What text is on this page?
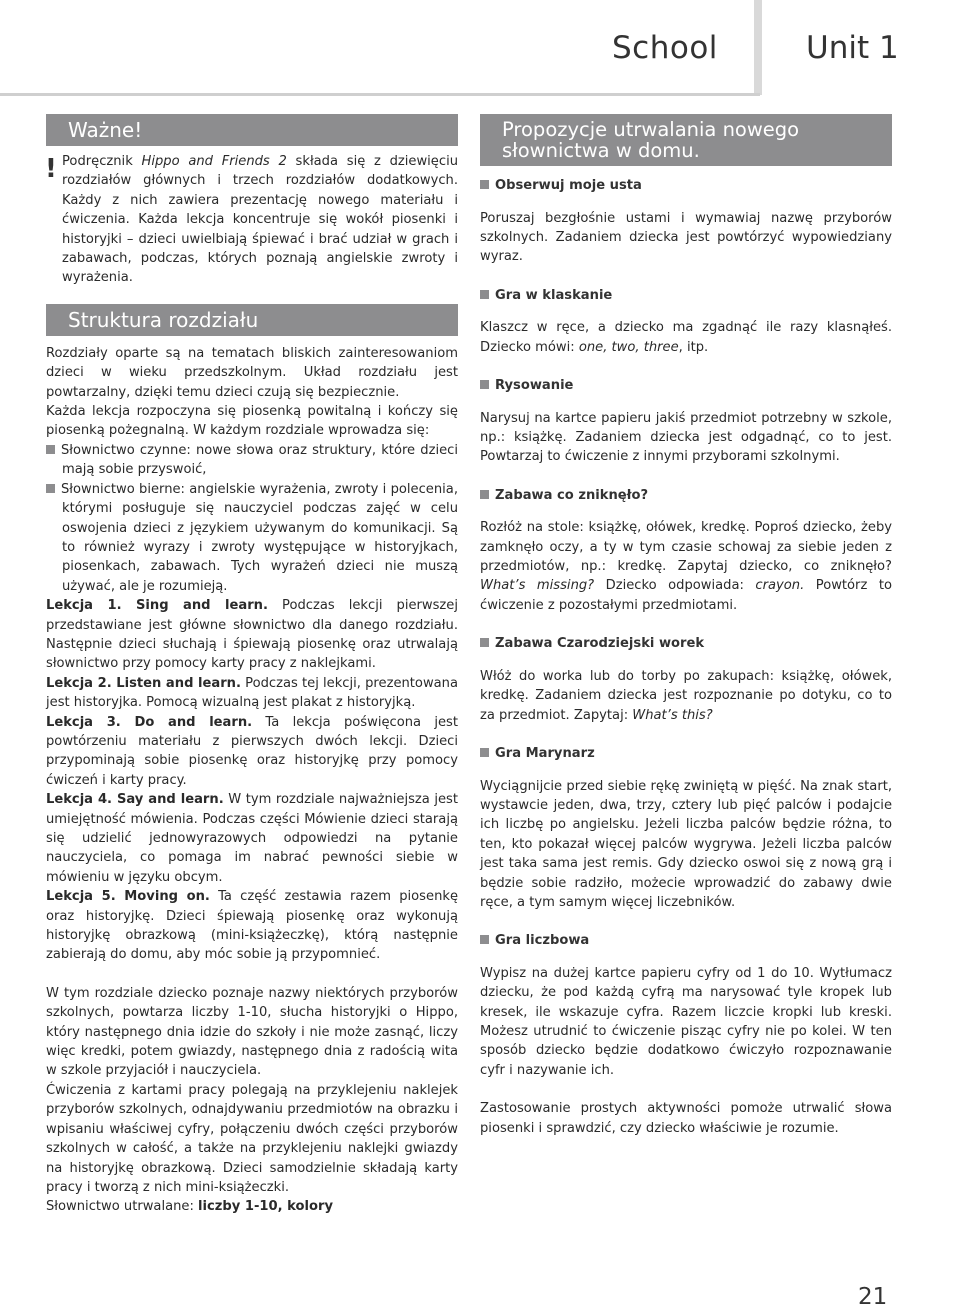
School	Unit 1
Ważne!
! Podręcznik Hippo and Friends 2 składa się z dziewięciu rozdziałów głównych i trzech rozdziałów dodatkowych. Każdy z nich zawiera prezentację nowego materiału i ćwiczenia. Każda lekcja koncentruje się wokół piosenki i historyjki – dzieci uwielbiają śpiewać i brać udział w grach i zabawach, podczas, których poznają angielskie zwroty i wyrażenia.

Struktura rozdziału

Rozdziały oparte są na tematach bliskich zainteresowaniom dzieci w wieku przedszkolnym. Układ rozdziału jest powtarzalny, dzięki temu dzieci czują się bezpiecznie.

Każda lekcja rozpoczyna się piosenką powitalną i kończy się piosenką pożegnalną. W każdym rozdziale wprowadza się:

Słownictwo czynne: nowe słowa oraz struktury, które dzieci mają sobie przyswoić,

Słownictwo bierne: angielskie wyrażenia, zwroty i polecenia, którymi posługuje się nauczyciel podczas zajęć w celu oswojenia dzieci z językiem używanym do komunikacji. Są to również wyrazy i zwroty występujące w historyjkach, piosenkach, zabawach. Tych wyrażeń dzieci nie muszą używać, ale je rozumieją.

Lekcja 1. Sing and learn. Podczas lekcji pierwszej przedstawiane jest główne słownictwo dla danego rozdziału. Następnie dzieci słuchają i śpiewają piosenkę oraz utrwalają słownictwo przy pomocy karty pracy z naklejkami.

Lekcja 2. Listen and learn. Podczas tej lekcji, prezentowana jest historyjka. Pomocą wizualną jest plakat z historyjką.

Lekcja 3. Do and learn. Ta lekcja poświęcona jest powtórzeniu materiału z pierwszych dwóch lekcji. Dzieci przypominają sobie piosenkę oraz historyjkę przy pomocy ćwiczeń i karty pracy.

Lekcja 4. Say and learn. W tym rozdziale najważniejsza jest umiejętność mówienia. Podczas części Mówienie dzieci starają się udzielić jednowyrazowych odpowiedzi na pytanie nauczyciela, co pomaga im nabrać pewności siebie w mówieniu w języku obcym.

Lekcja 5. Moving on. Ta część zestawia razem piosenkę oraz historyjkę. Dzieci śpiewają piosenkę oraz wykonują historyjkę obrazkową (mini-książeczkę), którą następnie zabierają do domu, aby móc sobie ją przypomnieć.

W tym rozdziale dziecko poznaje nazwy niektórych przyborów szkolnych, powtarza liczby 1-10, słucha historyjki o Hippo, który następnego dnia idzie do szkoły i nie może zasnąć, liczy więc kredki, potem gwiazdy, następnego dnia z radością wita w szkole przyjaciół i nauczyciela.

Ćwiczenia z kartami pracy polegają na przyklejeniu naklejek przyborów szkolnych, odnajdywaniu przedmiotów na obrazku i wpisaniu właściwej cyfry, połączeniu dwóch części przyborów szkolnych w całość, a także na przyklejeniu naklejki gwiazdy na historyjkę obrazkową. Dzieci samodzielnie składają karty pracy i tworzą z nich mini-książeczki.

Słownictwo utrwalane: liczby 1-10, kolory

Propozycje utrwalania nowego słownictwa w domu.

Obserwuj moje usta

Poruszaj bezgłośnie ustami i wymawiaj nazwę przyborów szkolnych. Zadaniem dziecka jest powtórzyć wypowiedziany wyraz.

Gra w klaskanie

Klaszcz w ręce, a dziecko ma zgadnąć ile razy klasnąłeś. Dziecko mówi: one, two, three, itp.

Rysowanie

Narysuj na kartce papieru jakiś przedmiot potrzebny w szkole, np.: książkę. Zadaniem dziecka jest odgadnąć, co to jest. Powtarzaj to ćwiczenie z innymi przyborami szkolnymi.

Zabawa co zniknęło?

Rozłóż na stole: książkę, ołówek, kredkę. Poproś dziecko, żeby zamknęło oczy, a ty w tym czasie schowaj za siebie jeden z przedmiotów, np.: kredkę. Zapytaj dziecko, co zniknęło? What’s missing? Dziecko odpowiada: crayon. Powtórz to ćwiczenie z pozostałymi przedmiotami.

Zabawa Czarodziejski worek

Włóż do worka lub do torby po zakupach: książkę, ołówek, kredkę. Zadaniem dziecka jest rozpoznanie po dotyku, co to za przedmiot. Zapytaj: What’s this?

Gra Marynarz

Wyciągnijcie przed siebie rękę zwiniętą w pięść. Na znak start, wystawcie jeden, dwa, trzy, cztery lub pięć palców i podajcie ich liczbę po angielsku. Jeżeli liczba palców będzie różna, to ten, kto pokazał więcej palców wygrywa. Jeżeli liczba palców jest taka sama jest remis. Gdy dziecko oswoi się z nową grą i będzie sobie radziło, możecie wprowadzić do zabawy dwie ręce, a tym samym więcej liczebników.

Gra liczbowa

Wypisz na dużej kartce papieru cyfry od 1 do 10. Wytłumacz dziecku, że pod każdą cyfrą ma narysować tyle kropek lub kresek, ile wskazuje cyfra. Razem liczcie kropki lub kreski. Możesz utrudnić to ćwiczenie pisząc cyfry nie po kolei. W ten sposób dziecko będzie dodatkowo ćwiczyło rozpoznawanie cyfr i nazywanie ich.

Zastosowanie prostych aktywności pomoże utrwalić słowa piosenki i sprawdzić, czy dziecko właściwie je rozumie.

21
